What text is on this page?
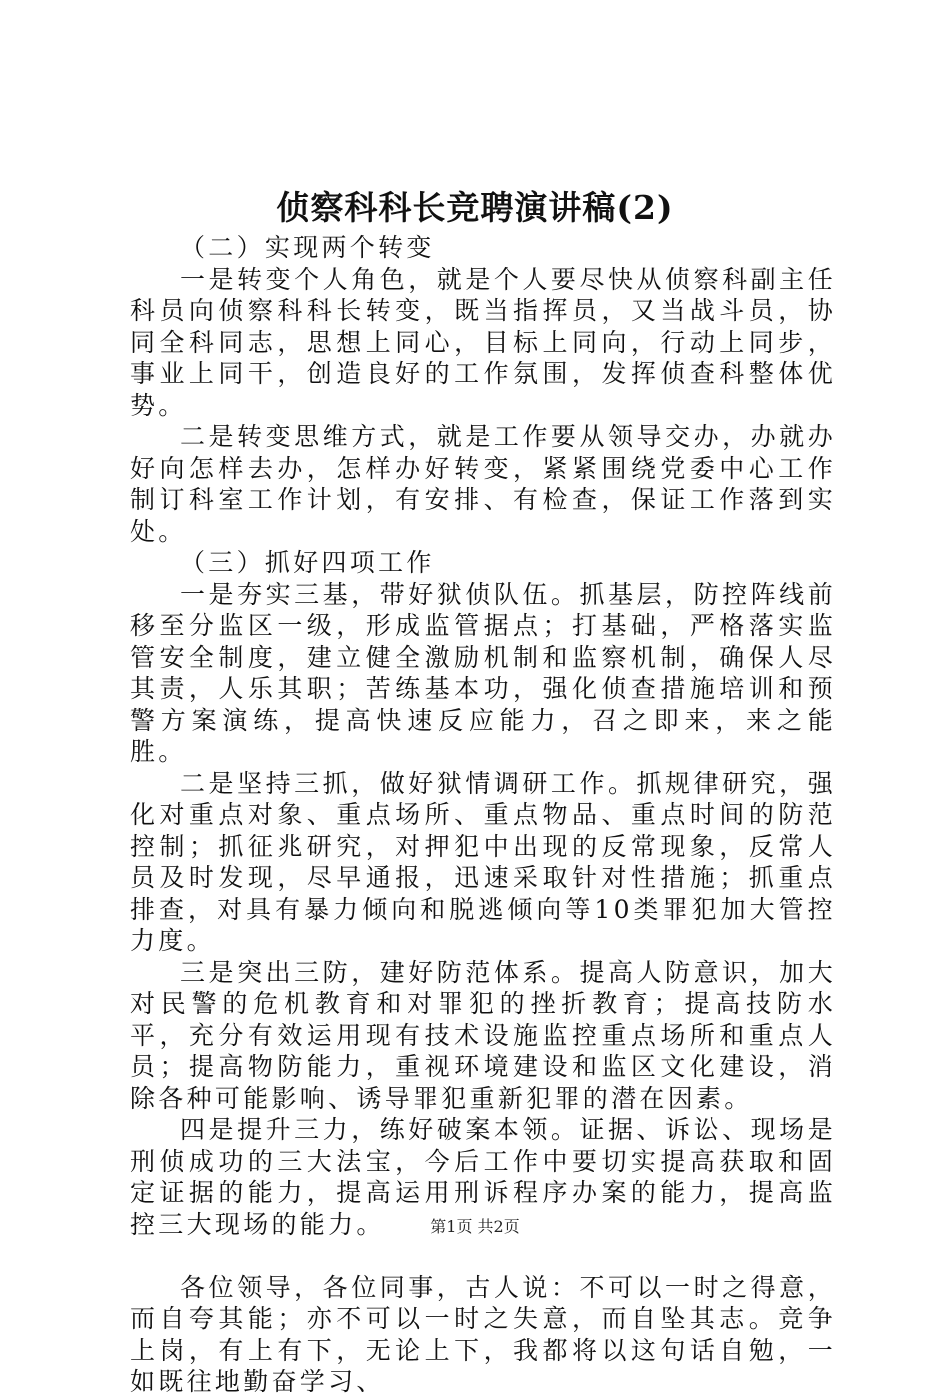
侦察科科长竞聘演讲稿(2)

（二）实现两个转变

一是转变个人角色，就是个人要尽快从侦察科副主任科员向侦察科科长转变，既当指挥员，又当战斗员，协同全科同志，思想上同心，目标上同向，行动上同步，事业上同干，创造良好的工作氛围，发挥侦查科整体优势。

二是转变思维方式，就是工作要从领导交办，办就办好向怎样去办，怎样办好转变，紧紧围绕党委中心工作制订科室工作计划，有安排、有检查，保证工作落到实处。

（三）抓好四项工作

一是夯实三基，带好狱侦队伍。抓基层，防控阵线前移至分监区一级，形成监管据点；打基础，严格落实监管安全制度，建立健全激励机制和监察机制，确保人尽其责，人乐其职；苦练基本功，强化侦查措施培训和预警方案演练，提高快速反应能力，召之即来，来之能胜。

二是坚持三抓，做好狱情调研工作。抓规律研究，强化对重点对象、重点场所、重点物品、重点时间的防范控制；抓征兆研究，对押犯中出现的反常现象，反常人员及时发现，尽早通报，迅速采取针对性措施；抓重点排查，对具有暴力倾向和脱逃倾向等10类罪犯加大管控力度。

三是突出三防，建好防范体系。提高人防意识，加大对民警的危机教育和对罪犯的挫折教育；提高技防水平，充分有效运用现有技术设施监控重点场所和重点人员；提高物防能力，重视环境建设和监区文化建设，消除各种可能影响、诱导罪犯重新犯罪的潜在因素。

四是提升三力，练好破案本领。证据、诉讼、现场是刑侦成功的三大法宝，今后工作中要切实提高获取和固定证据的能力，提高运用刑诉程序办案的能力，提高监控三大现场的能力。

各位领导，各位同事，古人说：不可以一时之得意，而自夸其能；亦不可以一时之失意，而自坠其志。竞争上岗，有上有下，无论上下，我都将以这句话自勉，一如既往地勤奋学习、

第1页 共2页
